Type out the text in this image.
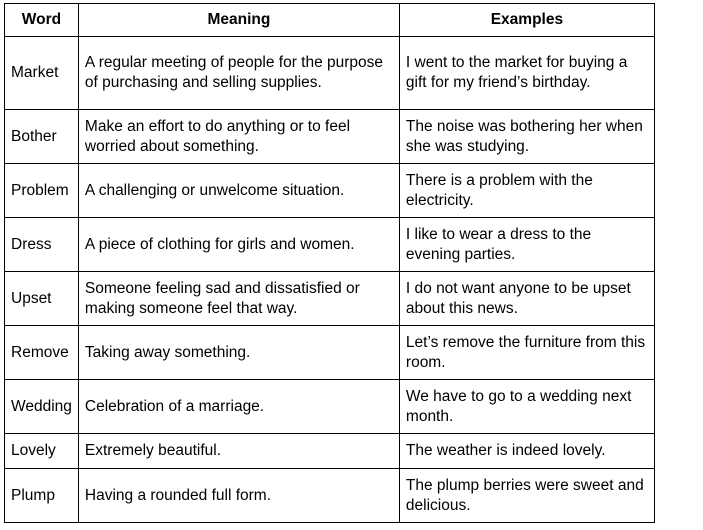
Word	Meaning	Examples
Market	A regular meeting of people for the purpose of purchasing and selling supplies.	I went to the market for buying a gift for my friend’s birthday.
Bother	Make an effort to do anything or to feel worried about something.	The noise was bothering her when she was studying.
Problem	A challenging or unwelcome situation.	There is a problem with the electricity.
Dress	A piece of clothing for girls and women.	I like to wear a dress to the evening parties.
Upset	Someone feeling sad and dissatisfied or making someone feel that way.	I do not want anyone to be upset about this news.
Remove	Taking away something.	Let’s remove the furniture from this room.
Wedding	Celebration of a marriage.	We have to go to a wedding next month.
Lovely	Extremely beautiful.	The weather is indeed lovely.
Plump	Having a rounded full form.	The plump berries were sweet and delicious.
